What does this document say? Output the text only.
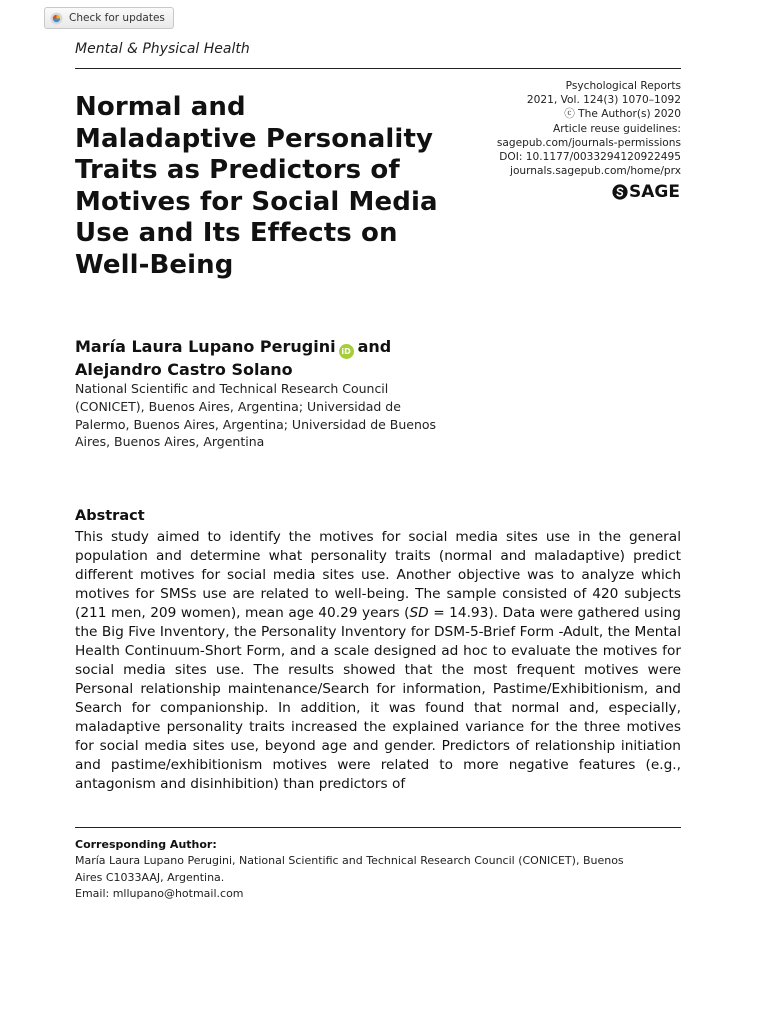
Check for updates
Mental & Physical Health
Psychological Reports
2021, Vol. 124(3) 1070–1092
ⓒ The Author(s) 2020
Article reuse guidelines:
sagepub.com/journals-permissions
DOI: 10.1177/0033294120922495
journals.sagepub.com/home/prx
SAGE
Normal and
Maladaptive Personality
Traits as Predictors of
Motives for Social Media
Use and Its Effects on
Well-Being
María Laura Lupano Perugini iD and
Alejandro Castro Solano
National Scientific and Technical Research Council
(CONICET), Buenos Aires, Argentina; Universidad de
Palermo, Buenos Aires, Argentina; Universidad de Buenos
Aires, Buenos Aires, Argentina
Abstract

This study aimed to identify the motives for social media sites use in the general population and determine what personality traits (normal and maladaptive) predict different motives for social media sites use. Another objective was to analyze which motives for SMSs use are related to well-being. The sample consisted of 420 subjects (211 men, 209 women), mean age 40.29 years (SD = 14.93). Data were gathered using the Big Five Inventory, the Personality Inventory for DSM-5-Brief Form -Adult, the Mental Health Continuum-Short Form, and a scale designed ad hoc to evaluate the motives for social media sites use. The results showed that the most frequent motives were Personal relationship maintenance/Search for information, Pastime/Exhibitionism, and Search for companionship. In addition, it was found that normal and, especially, maladaptive personality traits increased the explained variance for the three motives for social media sites use, beyond age and gender. Predictors of relationship initiation and pastime/exhibitionism motives were related to more negative features (e.g., antagonism and disinhibition) than predictors of

Corresponding Author:
María Laura Lupano Perugini, National Scientific and Technical Research Council (CONICET), Buenos
Aires C1033AAJ, Argentina.
Email: mllupano@hotmail.com
